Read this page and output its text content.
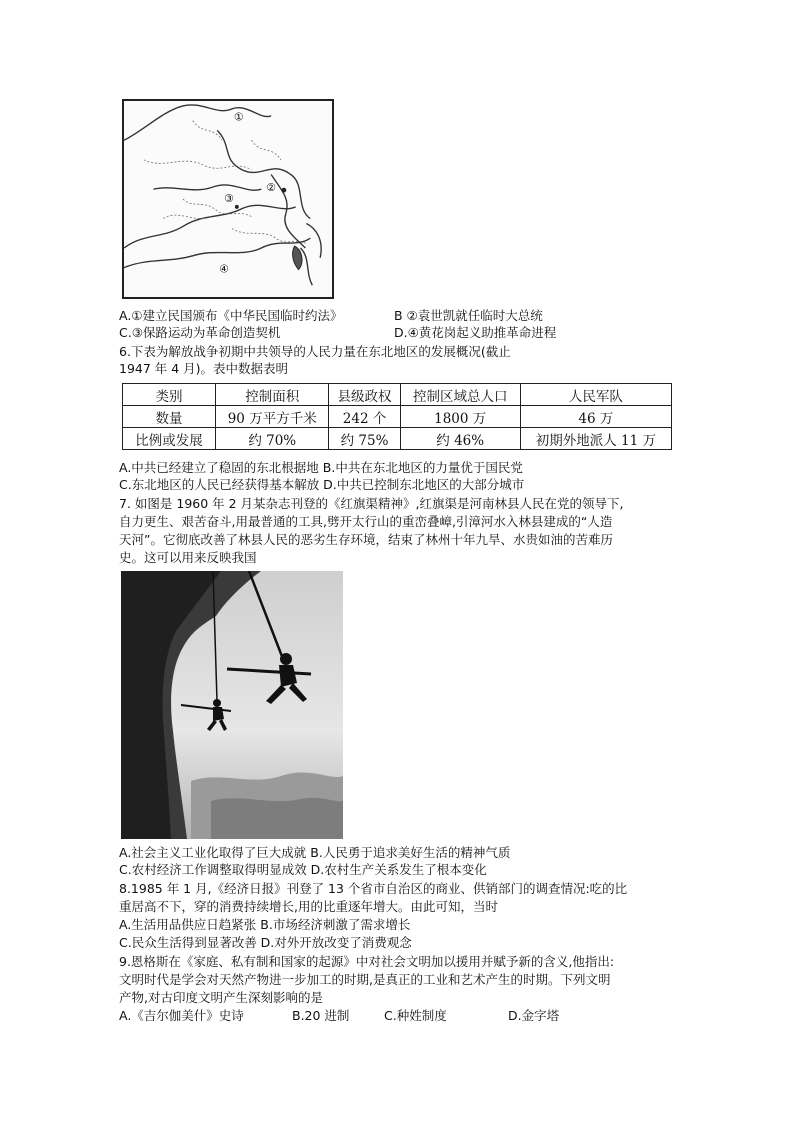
①
②
③
④
A.①建立民国颁布《中华民国临时约法》	B ②袁世凯就任临时大总统
C.③保路运动为革命创造契机	D.④黄花岗起义助推革命进程
6.下表为解放战争初期中共领导的人民力量在东北地区的发展概况(截止
1947 年 4 月)。表中数据表明
类别	控制面积	县级政权	控制区域总人口	人民军队
数量	90 万平方千米	242 个	1800 万	46 万
比例或发展	约 70%	约 75%	约 46%	初期外地派人 11 万
A.中共已经建立了稳固的东北根据地 B.中共在东北地区的力量优于国民党
C.东北地区的人民已经获得基本解放 D.中共已控制东北地区的大部分城市
7. 如图是 1960 年 2 月某杂志刊登的《红旗渠精神》,红旗渠是河南林县人民在党的领导下,
自力更生、艰苦奋斗,用最普通的工具,劈开太行山的重峦叠嶂,引漳河水入林县建成的“人造
天河”。它彻底改善了林县人民的恶劣生存环境，结束了林州十年九旱、水贵如油的苦难历
史。这可以用来反映我国
A.社会主义工业化取得了巨大成就 B.人民勇于追求美好生活的精神气质
C.农村经济工作调整取得明显成效 D.农村生产关系发生了根本变化
8.1985 年 1 月,《经济日报》刊登了 13 个省市自治区的商业、供销部门的调查情况:吃的比
重居高不下，穿的消费持续增长,用的比重逐年增大。由此可知，当时
A.生活用品供应日趋紧张 B.市场经济刺激了需求增长
C.民众生活得到显著改善 D.对外开放改变了消费观念
9.恩格斯在《家庭、私有制和国家的起源》中对社会文明加以援用并赋予新的含义,他指出:
文明时代是学会对天然产物进一步加工的时期,是真正的工业和艺术产生的时期。下列文明
产物,对古印度文明产生深刻影响的是
A.《吉尔伽美什》史诗	B.20 进制	C.种姓制度	D.金字塔
